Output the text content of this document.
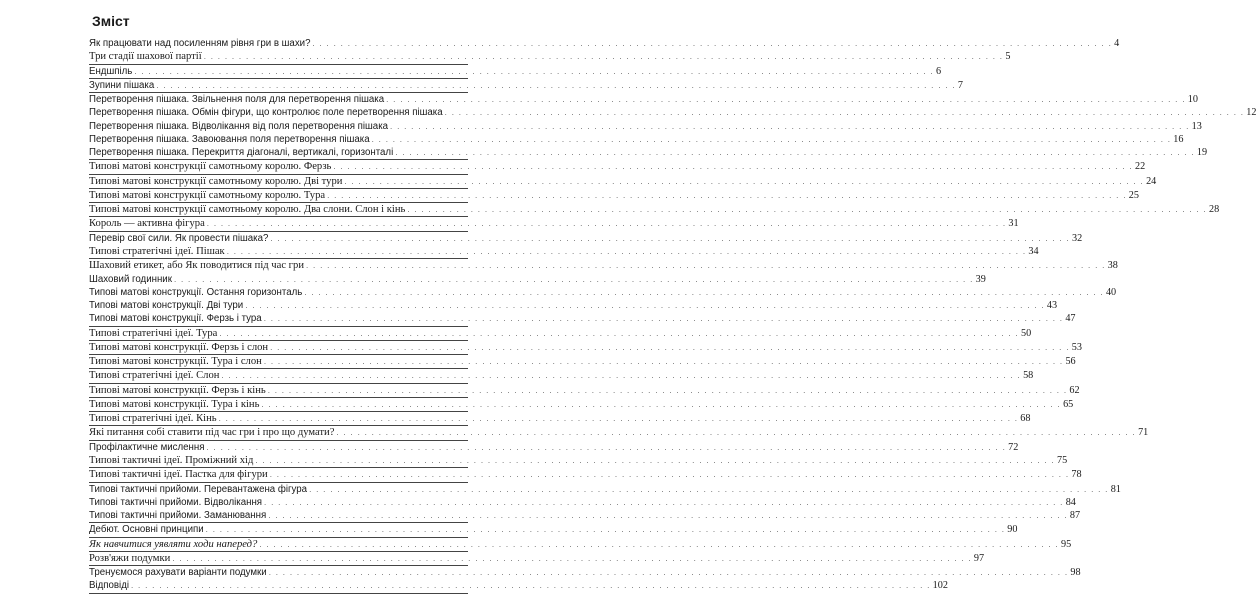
Зміст
Як працювати над посиленням рівня гри в шахи? . . .	4
Три стадії шахової партії . . .	5
Ендшпіль . . .	6
Зупини пішака . . .	7
Перетворення пішака. Звільнення поля для перетворення пішака . . .	10
Перетворення пішака. Обмін фігури, що контролює поле перетворення пішака . . .	12
Перетворення пішака. Відволікання від поля перетворення пішака . . .	13
Перетворення пішака. Завоювання поля перетворення пішака . . .	16
Перетворення пішака. Перекриття діагоналі, вертикалі, горизонталі . . .	19
Типові матові конструкції самотньому королю. Ферзь . . .	22
Типові матові конструкції самотньому королю. Дві тури . . .	24
Типові матові конструкції самотньому королю. Тура . . .	25
Типові матові конструкції самотньому королю. Два слони. Слон і кінь . . .	28
Король — активна фігура . . .	31
Перевір свої сили. Як провести пішака? . . .	32
Типові стратегічні ідеї. Пішак . . .	34
Шаховий етикет, або Як поводитися під час гри . . .	38
Шаховий годинник . . .	39
Типові матові конструкції. Остання горизонталь . . .	40
Типові матові конструкції. Дві тури . . .	43
Типові матові конструкції. Ферзь і тура . . .	47
Типові стратегічні ідеї. Тура . . .	50
Типові матові конструкції. Ферзь і слон . . .	53
Типові матові конструкції. Тура і слон . . .	56
Типові стратегічні ідеї. Слон . . .	58
Типові матові конструкції. Ферзь і кінь . . .	62
Типові матові конструкції. Тура і кінь . . .	65
Типові стратегічні ідеї. Кінь . . .	68
Які питання собі ставити під час гри і про що думати? . . .	71
Профілактичне мислення . . .	72
Типові тактичні ідеї. Проміжний хід . . .	75
Типові тактичні ідеї. Пастка для фігури . . .	78
Типові тактичні прийоми. Перевантажена фігура . . .	81
Типові тактичні прийоми. Відволікання . . .	84
Типові тактичні прийоми. Заманювання . . .	87
Дебют. Основні принципи . . .	90
Як навчитися уявляти ходи наперед? . . .	95
Розв'яжи подумки . . .	97
Тренуємося рахувати варіанти подумки . . .	98
Відповіді . . .	102
